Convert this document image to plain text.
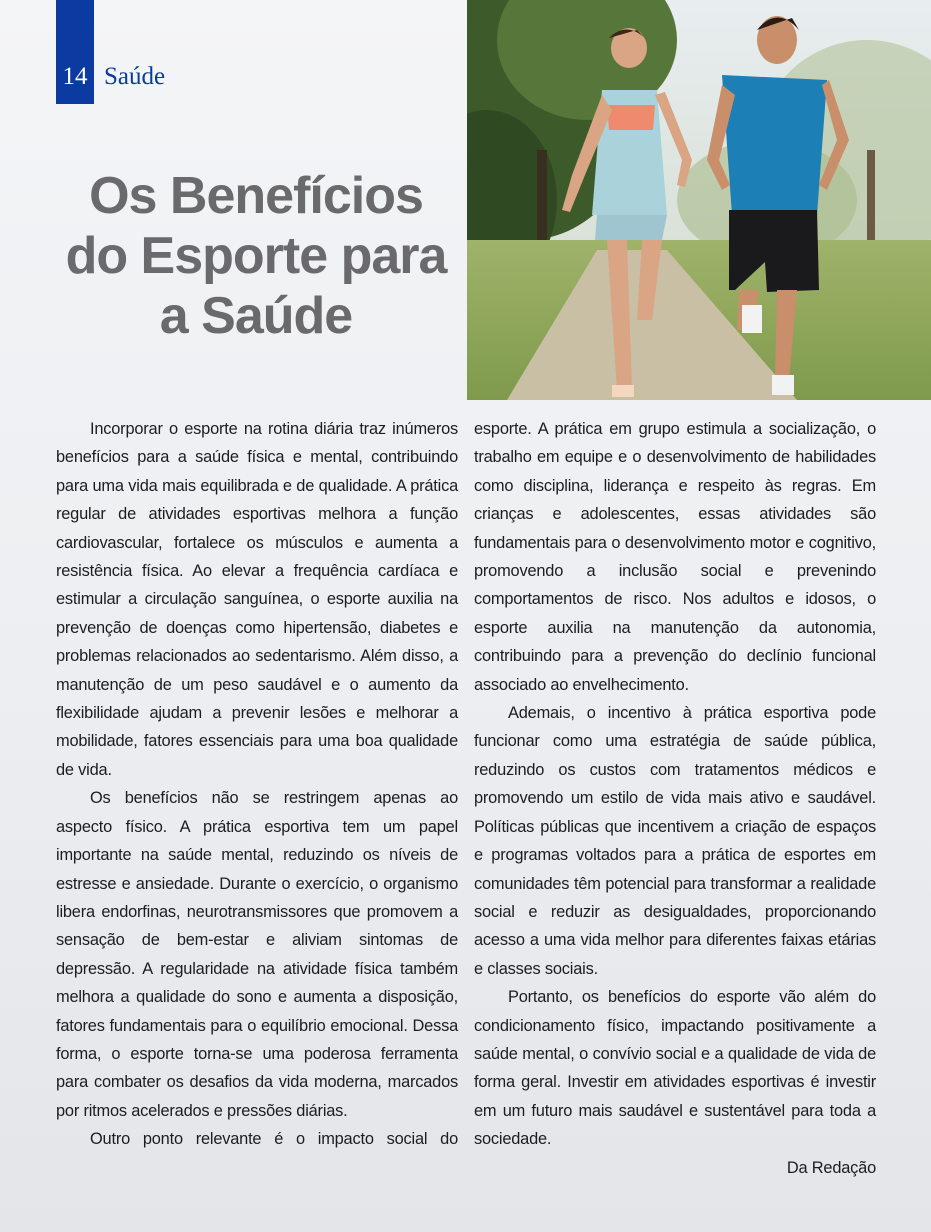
14 Saúde
Os Benefícios
do Esporte para
a Saúde

Incorporar o esporte na rotina diária traz inúmeros benefícios para a saúde física e mental, contribuindo para uma vida mais equilibrada e de qualidade. A prática regular de atividades esportivas melhora a função cardiovascular, fortalece os músculos e aumenta a resistência física. Ao elevar a frequência cardíaca e estimular a circulação sanguínea, o esporte auxilia na prevenção de doenças como hipertensão, diabetes e problemas relacionados ao sedentarismo. Além disso, a manutenção de um peso saudável e o aumento da flexibilidade ajudam a prevenir lesões e melhorar a mobilidade, fatores essenciais para uma boa qualidade de vida.

Os benefícios não se restringem apenas ao aspecto físico. A prática esportiva tem um papel importante na saúde mental, reduzindo os níveis de estresse e ansiedade. Durante o exercício, o organismo libera endorfinas, neurotransmissores que promovem a sensação de bem-estar e aliviam sintomas de depressão. A regularidade na atividade física também melhora a qualidade do sono e aumenta a disposição, fatores fundamentais para o equilíbrio emocional. Dessa forma, o esporte torna-se uma poderosa ferramenta para combater os desafios da vida moderna, marcados por ritmos acelerados e pressões diárias.

Outro ponto relevante é o impacto social do

esporte. A prática em grupo estimula a socialização, o trabalho em equipe e o desenvolvimento de habilidades como disciplina, liderança e respeito às regras. Em crianças e adolescentes, essas atividades são fundamentais para o desenvolvimento motor e cognitivo, promovendo a inclusão social e prevenindo comportamentos de risco. Nos adultos e idosos, o esporte auxilia na manutenção da autonomia, contribuindo para a prevenção do declínio funcional associado ao envelhecimento.

Ademais, o incentivo à prática esportiva pode funcionar como uma estratégia de saúde pública, reduzindo os custos com tratamentos médicos e promovendo um estilo de vida mais ativo e saudável. Políticas públicas que incentivem a criação de espaços e programas voltados para a prática de esportes em comunidades têm potencial para transformar a realidade social e reduzir as desigualdades, proporcionando acesso a uma vida melhor para diferentes faixas etárias e classes sociais.

Portanto, os benefícios do esporte vão além do condicionamento físico, impactando positivamente a saúde mental, o convívio social e a qualidade de vida de forma geral. Investir em atividades esportivas é investir em um futuro mais saudável e sustentável para toda a sociedade.

Da Redação
